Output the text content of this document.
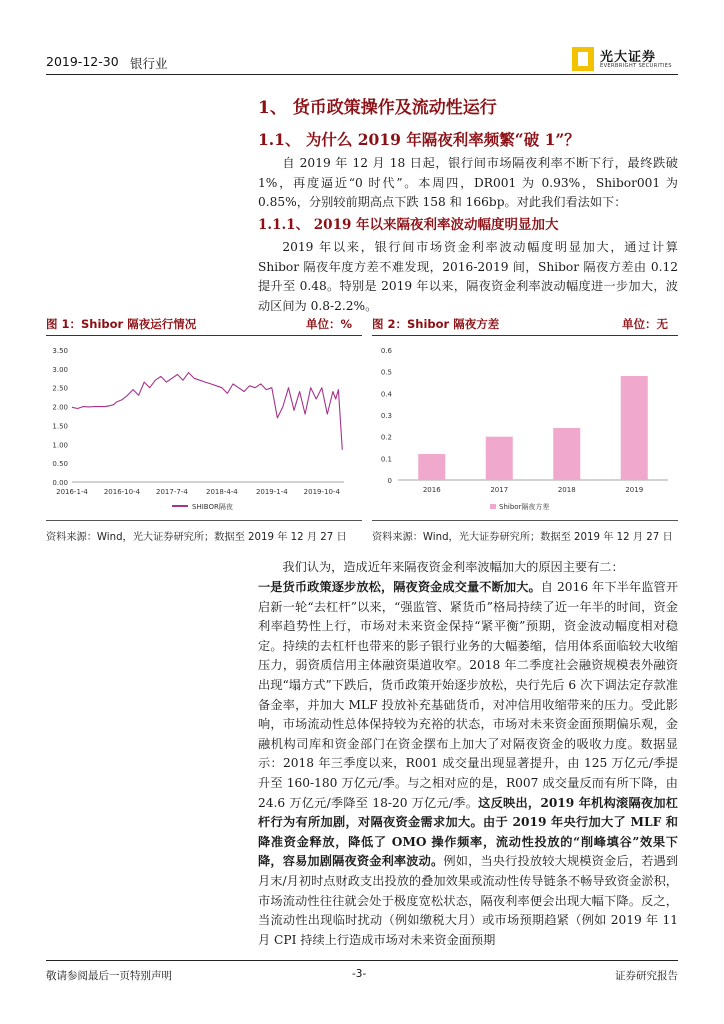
2019-12-30 银行业	光大证券
EVERBRIGHT SECURITIES
1、 货币政策操作及流动性运行
1.1、 为什么 2019 年隔夜利率频繁“破 1”？
自 2019 年 12 月 18 日起，银行间市场隔夜利率不断下行，最终跌破 1%，再度逼近“0 时代”。本周四，DR001 为 0.93%，Shibor001 为 0.85%，分别较前期高点下跌 158 和 166bp。对此我们看法如下：
1.1.1、 2019 年以来隔夜利率波动幅度明显加大
2019 年以来，银行间市场资金利率波动幅度明显加大，通过计算 Shibor 隔夜年度方差不难发现，2016-2019 间，Shibor 隔夜方差由 0.12 提升至 0.48。特别是 2019 年以来，隔夜资金利率波动幅度进一步加大，波动区间为 0.8-2.2%。
图 1：Shibor 隔夜运行情况	单位：%
0.00
0.50
1.00
1.50
2.00
2.50
3.00
3.50
2016-1-4 2016-10-4 2017-7-4	2018-4-4	2019-1-4 2019-10-4
SHIBOR隔夜
资料来源：Wind，光大证券研究所；数据至 2019 年 12 月 27 日
图 2：Shibor 隔夜方差	单位：无
0
0.1
0.2
0.3
0.4
0.5
0.6
2016	2017	2018	2019
Shibor隔夜方差
资料来源：Wind，光大证券研究所；数据至 2019 年 12 月 27 日
我们认为，造成近年来隔夜资金利率波幅加大的原因主要有二：
一是货币政策逐步放松，隔夜资金成交量不断加大。自 2016 年下半年监管开启新一轮“去杠杆”以来，“强监管、紧货币”格局持续了近一年半的时间，资金利率趋势性上行，市场对未来资金保持“紧平衡”预期，资金波动幅度相对稳定。持续的去杠杆也带来的影子银行业务的大幅萎缩，信用体系面临较大收缩压力，弱资质信用主体融资渠道收窄。2018 年二季度社会融资规模表外融资出现“塌方式”下跌后，货币政策开始逐步放松，央行先后 6 次下调法定存款准备金率，并加大 MLF 投放补充基础货币，对冲信用收缩带来的压力。受此影响，市场流动性总体保持较为充裕的状态，市场对未来资金面预期偏乐观，金融机构司库和资金部门在资金摆布上加大了对隔夜资金的吸收力度。数据显示：2018 年三季度以来，R001 成交量出现显著提升，由 125 万亿元/季提升至 160-180 万亿元/季。与之相对应的是，R007 成交量反而有所下降，由 24.6 万亿元/季降至 18-20 万亿元/季。这反映出，2019 年机构滚隔夜加杠杆行为有所加剧，对隔夜资金需求加大。由于 2019 年央行加大了 MLF 和降准资金释放，降低了 OMO 操作频率，流动性投放的“削峰填谷”效果下降，容易加剧隔夜资金利率波动。例如，当央行投放较大规模资金后，若遇到月末/月初时点财政支出投放的叠加效果或流动性传导链条不畅导致资金淤积，市场流动性往往就会处于极度宽松状态，隔夜利率便会出现大幅下降。反之，当流动性出现临时扰动（例如缴税大月）或市场预期趋紧（例如 2019 年 11 月 CPI 持续上行造成市场对未来资金面预期
敬请参阅最后一页特别声明	-3-	证券研究报告
